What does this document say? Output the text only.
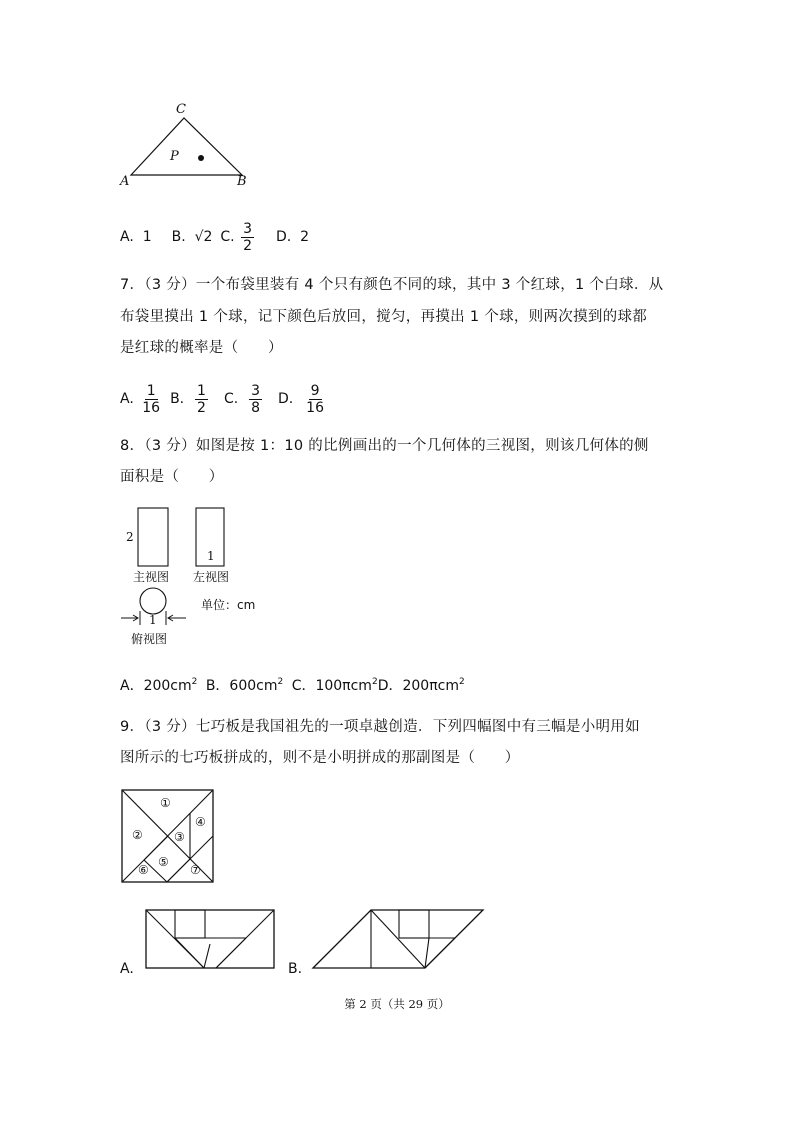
C
A	B
P
A. 1 B. √2 C.
$\frac{3}{2} D$. 2
7．（3 分）一个布袋里装有 4 个只有颜色不同的球，其中 3 个红球，1 个白球．从
布袋里摸出 1 个球，记下颜色后放回，搅匀，再摸出 1 个球，则两次摸到的球都
是红球的概率是（　　）
A.
$\frac{1}{16} B$.
$\frac{1}{2} C$.
$\frac{3}{8} D$.
$\frac{9}{16}$
8．（3 分）如图是按 1：10 的比例画出的一个几何体的三视图，则该几何体的侧
面积是（　　）
2
1
主视图 左视图
1
俯视图
单位：cm
A．$200cm^2$ B．$600cm^2$ C．100πcm$^2$D．200πcm$^2$
9．（3 分）七巧板是我国祖先的一项卓越创造．下列四幅图中有三幅是小明用如
图所示的七巧板拼成的，则不是小明拼成的那副图是（　　）
①
②	③
④
⑤
⑥	⑦
A.	B.
第 2 页（共 29 页）
